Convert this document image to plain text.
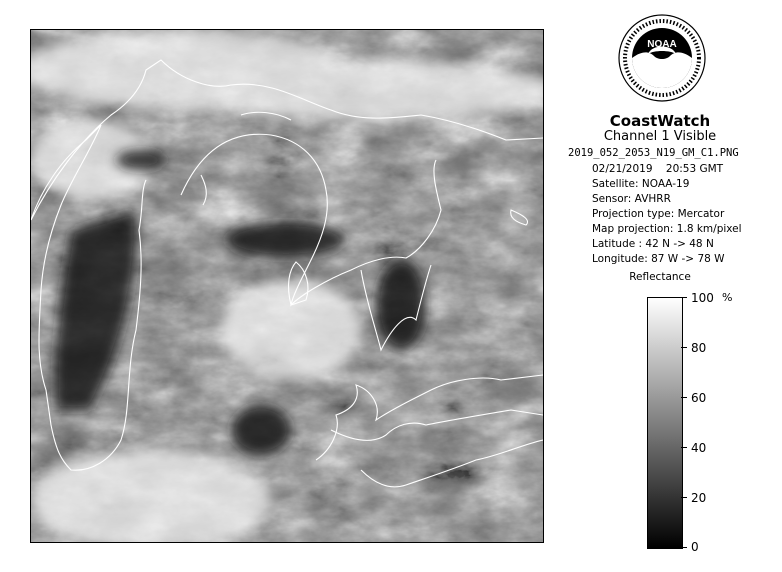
NOAA
CoastWatch
Channel 1 Visible
2019_052_2053_N19_GM_C1.PNG
02/21/2019 20:53 GMT
Satellite: NOAA-19
Sensor: AVHRR
Projection type: Mercator
Map projection: 1.8 km/pixel
Latitude : 42 N -> 48 N
Longitude: 87 W -> 78 W
Reflectance
%
100
80
60
40
20
0
